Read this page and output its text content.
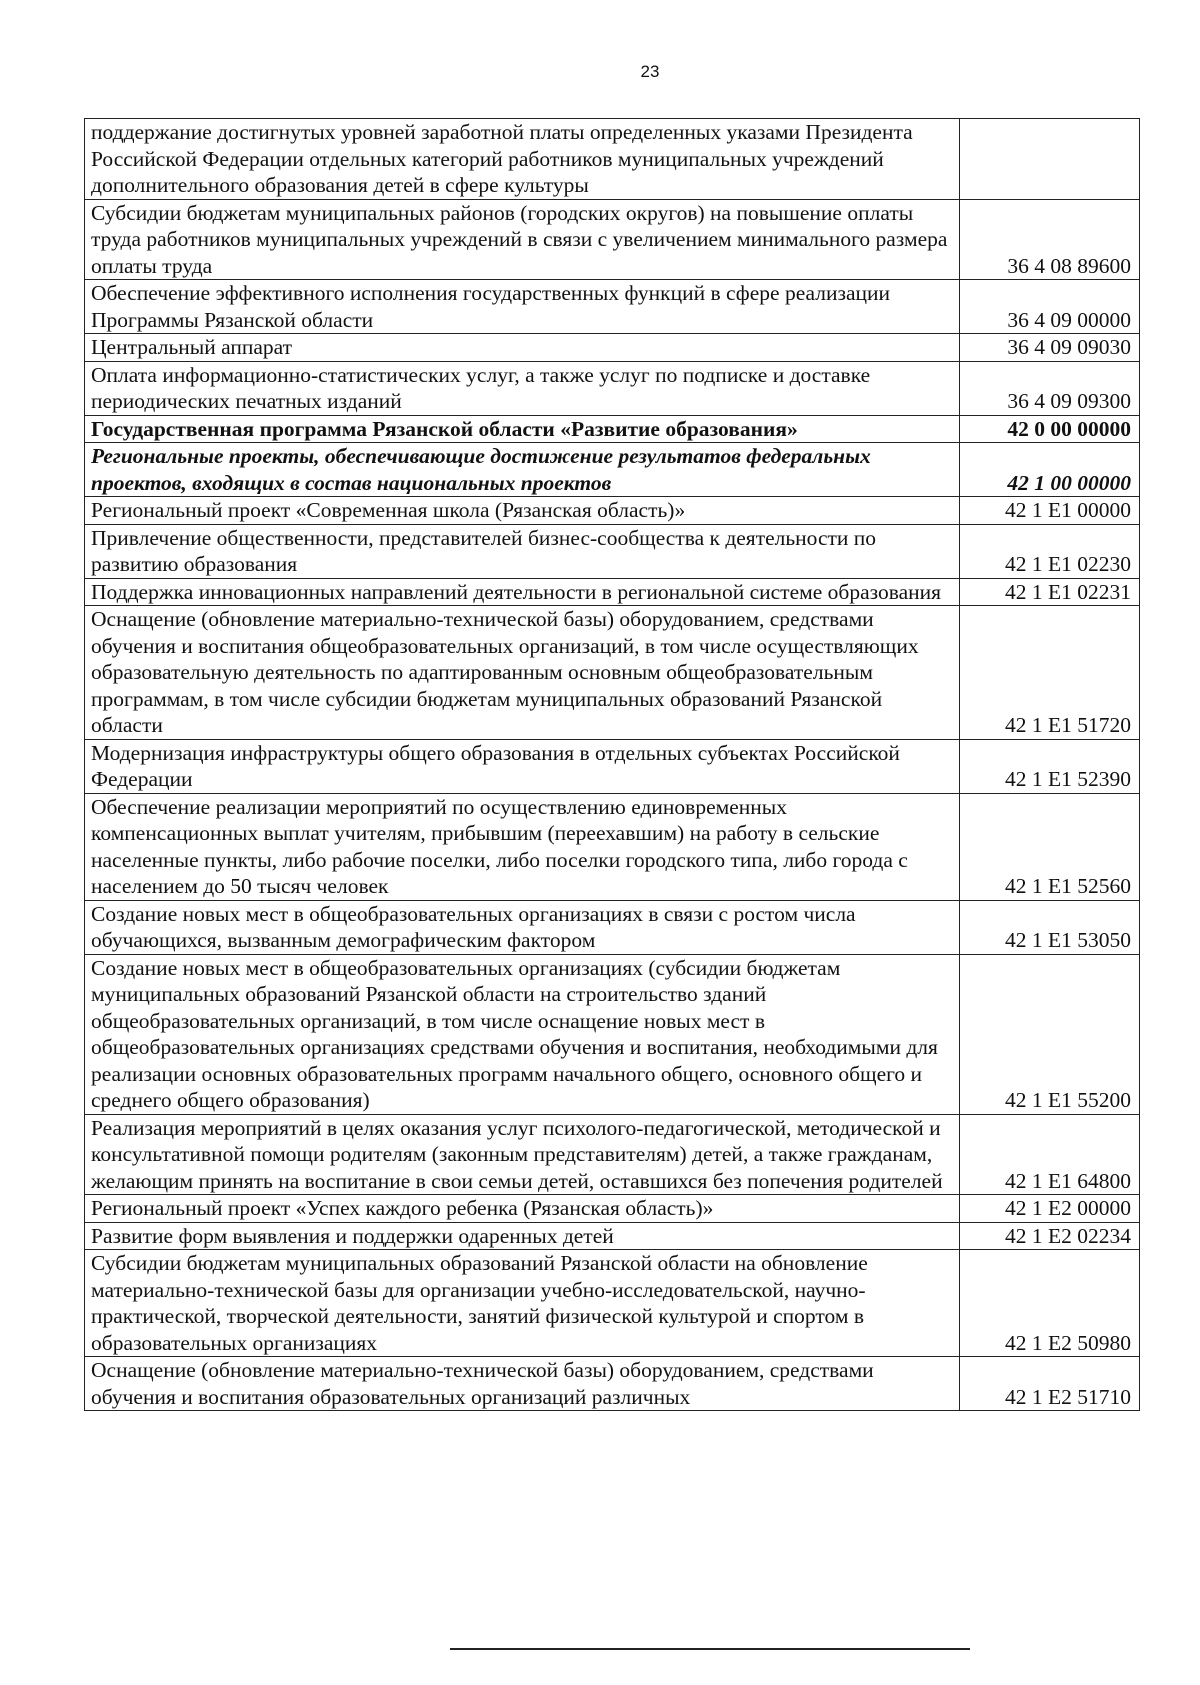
23
поддержание достигнутых уровней заработной платы определенных указами Президента Российской Федерации отдельных категорий работников муниципальных учреждений дополнительного образования детей в сфере культуры	
Субсидии бюджетам муниципальных районов (городских округов) на повышение оплаты труда работников муниципальных учреждений в связи с увеличением минимального размера оплаты труда	36 4 08 89600
Обеспечение эффективного исполнения государственных функций в сфере реализации Программы Рязанской области	36 4 09 00000
Центральный аппарат	36 4 09 09030
Оплата информационно-статистических услуг, а также услуг по подписке и доставке периодических печатных изданий	36 4 09 09300
Государственная программа Рязанской области «Развитие образования»	42 0 00 00000
Региональные проекты, обеспечивающие достижение результатов федеральных проектов, входящих в состав национальных проектов	42 1 00 00000
Региональный проект «Современная школа (Рязанская область)»	42 1 E1 00000
Привлечение общественности, представителей бизнес-сообщества к деятельности по развитию образования	42 1 E1 02230
Поддержка инновационных направлений деятельности в региональной системе образования	42 1 E1 02231
Оснащение (обновление материально-технической базы) оборудованием, средствами обучения и воспитания общеобразовательных организаций, в том числе осуществляющих образовательную деятельность по адаптированным основным общеобразовательным программам, в том числе субсидии бюджетам муниципальных образований Рязанской области	42 1 E1 51720
Модернизация инфраструктуры общего образования в отдельных субъектах Российской Федерации	42 1 E1 52390
Обеспечение реализации мероприятий по осуществлению единовременных компенсационных выплат учителям, прибывшим (переехавшим) на работу в сельские населенные пункты, либо рабочие поселки, либо поселки городского типа, либо города с населением до 50 тысяч человек	42 1 E1 52560
Создание новых мест в общеобразовательных организациях в связи с ростом числа обучающихся, вызванным демографическим фактором	42 1 E1 53050
Создание новых мест в общеобразовательных организациях (субсидии бюджетам муниципальных образований Рязанской области на строительство зданий общеобразовательных организаций, в том числе оснащение новых мест в общеобразовательных организациях средствами обучения и воспитания, необходимыми для реализации основных образовательных программ начального общего, основного общего и среднего общего образования)	42 1 E1 55200
Реализация мероприятий в целях оказания услуг психолого-педагогической, методической и консультативной помощи родителям (законным представителям) детей, а также гражданам, желающим принять на воспитание в свои семьи детей, оставшихся без попечения родителей	42 1 E1 64800
Региональный проект «Успех каждого ребенка (Рязанская область)»	42 1 E2 00000
Развитие форм выявления и поддержки одаренных детей	42 1 E2 02234
Субсидии бюджетам муниципальных образований Рязанской области на обновление материально-технической базы для организации учебно-исследовательской, научно-практической, творческой деятельности, занятий физической культурой и спортом в образовательных организациях	42 1 E2 50980
Оснащение (обновление материально-технической базы) оборудованием, средствами обучения и воспитания образовательных организаций различных	42 1 E2 51710
